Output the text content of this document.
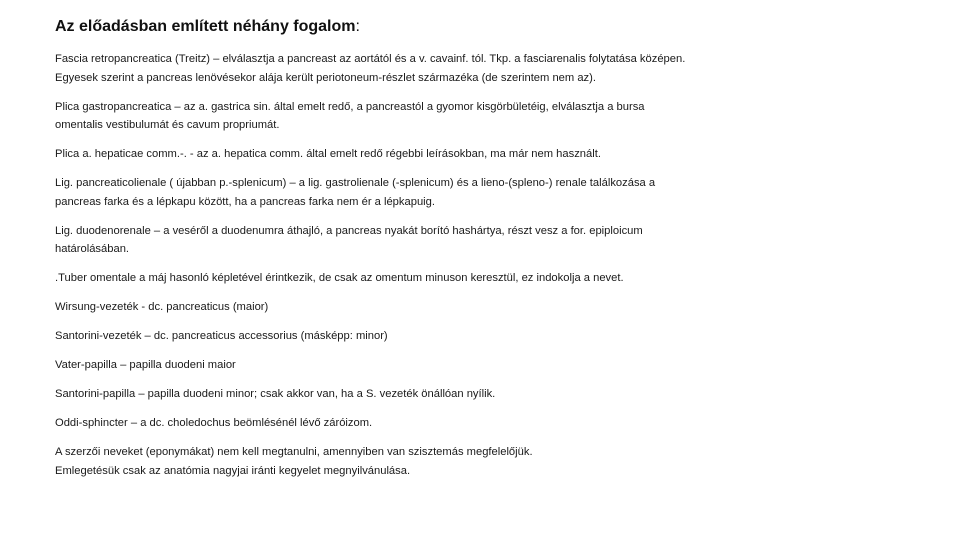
Az előadásban említett néhány fogalom:

Fascia retropancreatica (Treitz) – elválasztja a pancreast az aortától és a v. cavainf. tól. Tkp. a fasciarenalis folytatása középen.
Egyesek szerint a pancreas lenövésekor alája került periotoneum-részlet származéka (de szerintem nem az).

Plica gastropancreatica – az a. gastrica sin. által emelt redő, a pancreastól a gyomor kisgörbületéig, elválasztja a bursa
omentalis vestibulumát és cavum propriumát.

Plica a. hepaticae comm.-. - az a. hepatica comm. által emelt redő régebbi leírásokban, ma már nem használt.

Lig. pancreaticolienale ( újabban p.-splenicum) – a lig. gastrolienale (-splenicum) és a lieno-(spleno-) renale találkozása a
pancreas farka és a lépkapu között, ha a pancreas farka nem ér a lépkapuig.

Lig. duodenorenale – a veséről a duodenumra áthajló, a pancreas nyakát borító hashártya, részt vesz a for. epiploicum
határolásában.

.Tuber omentale a máj hasonló képletével érintkezik, de csak az omentum minuson keresztül, ez indokolja a nevet.

Wirsung-vezeték - dc. pancreaticus (maior)

Santorini-vezeték – dc. pancreaticus accessorius (másképp: minor)

Vater-papilla – papilla duodeni maior

Santorini-papilla – papilla duodeni minor; csak akkor van, ha a S. vezeték önállóan nyílik.

Oddi-sphincter – a dc. choledochus beömlésénél lévő záróizom.

A szerzői neveket (eponymákat) nem kell megtanulni, amennyiben van szisztemás megfelelőjük.
Emlegetésük csak az anatómia nagyjai iránti kegyelet megnyilvánulása.
